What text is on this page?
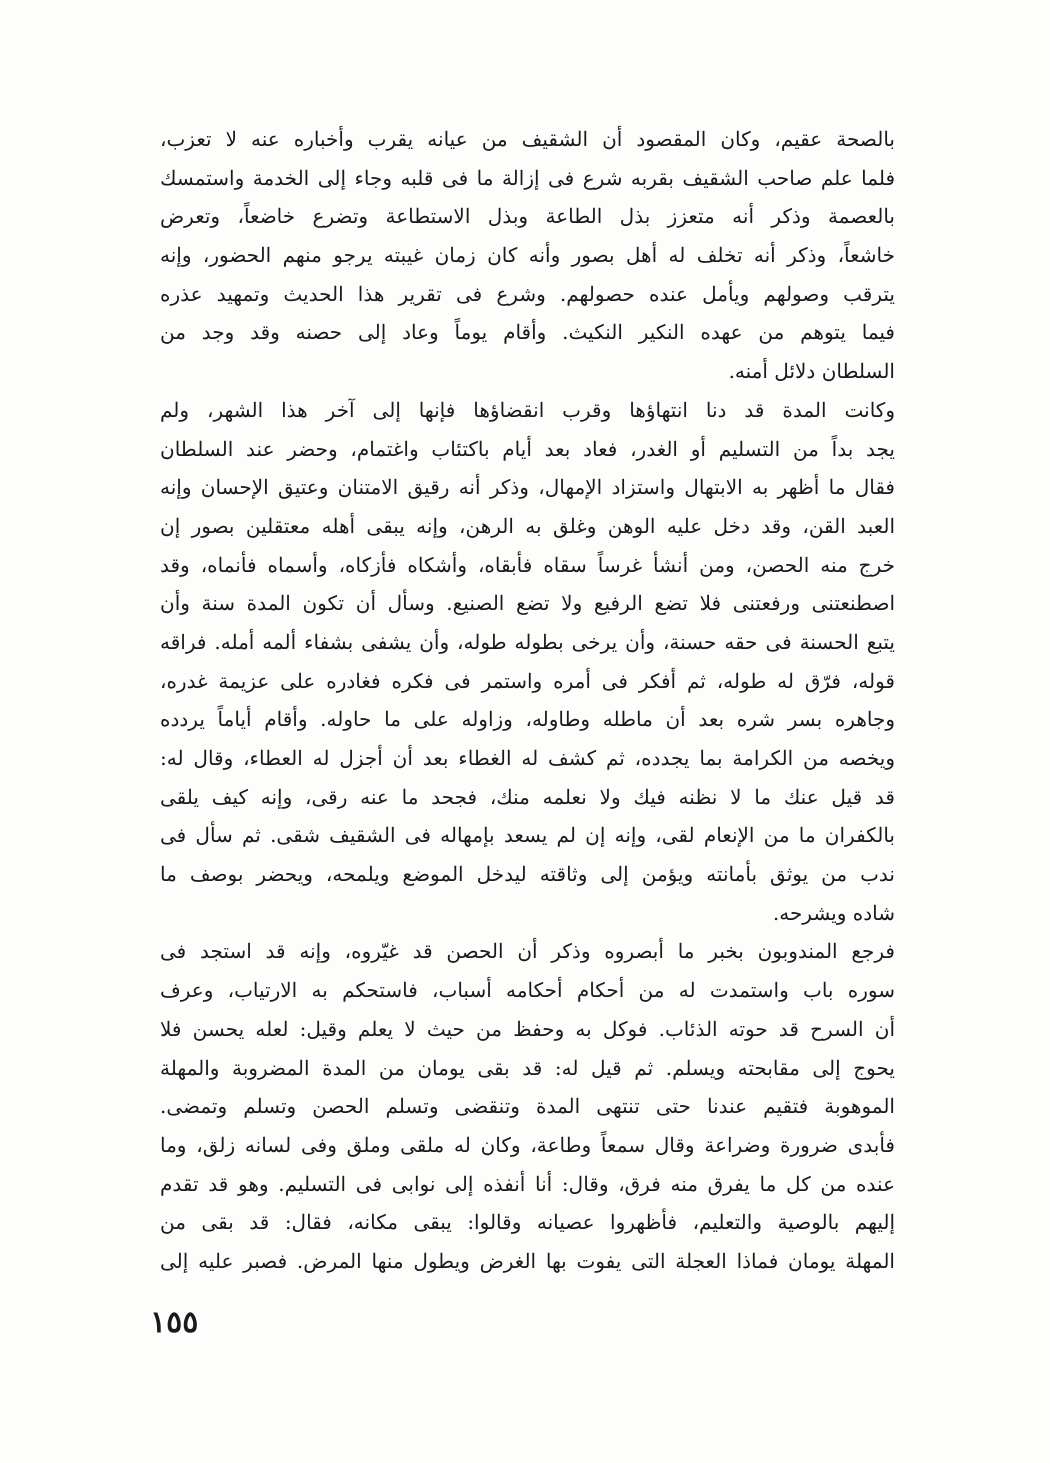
بالصحة عقيم، وكان المقصود أن الشقيف من عيانه يقرب وأخباره عنه لا تعزب،
فلما علم صاحب الشقيف بقربه شرع فى إزالة ما فى قلبه وجاء إلى الخدمة واستمسك
بالعصمة وذكر أنه متعزز بذل الطاعة وبذل الاستطاعة وتضرع خاضعاً، وتعرض
خاشعاً، وذكر أنه تخلف له أهل بصور وأنه كان زمان غيبته يرجو منهم الحضور، وإنه
يترقب وصولهم ويأمل عنده حصولهم. وشرع فى تقرير هذا الحديث وتمهيد عذره
فيما يتوهم من عهده النكير النكيث. وأقام يوماً وعاد إلى حصنه وقد وجد من
السلطان دلائل أمنه.
وكانت المدة قد دنا انتهاؤها وقرب انقضاؤها فإنها إلى آخر هذا الشهر، ولم
يجد بداً من التسليم أو الغدر، فعاد بعد أيام باكتئاب واغتمام، وحضر عند السلطان
فقال ما أظهر به الابتهال واستزاد الإمهال، وذكر أنه رقيق الامتنان وعتيق الإحسان وإنه
العبد القن، وقد دخل عليه الوهن وغلق به الرهن، وإنه يبقى أهله معتقلين بصور إن
خرج منه الحصن، ومن أنشأ غرساً سقاه فأبقاه، وأشكاه فأزكاه، وأسماه فأنماه، وقد
اصطنعتنى ورفعتنى فلا تضع الرفيع ولا تضع الصنيع. وسأل أن تكون المدة سنة وأن
يتبع الحسنة فى حقه حسنة، وأن يرخى بطوله طوله، وأن يشفى بشفاء ألمه أمله. فراقه
قوله، فرّق له طوله، ثم أفكر فى أمره واستمر فى فكره فغادره على عزيمة غدره،
وجاهره بسر شره بعد أن ماطله وطاوله، وزاوله على ما حاوله. وأقام أياماً يردده
ويخصه من الكرامة بما يجدده، ثم كشف له الغطاء بعد أن أجزل له العطاء، وقال له:
قد قيل عنك ما لا نظنه فيك ولا نعلمه منك، فجحد ما عنه رقى، وإنه كيف يلقى
بالكفران ما من الإنعام لقى، وإنه إن لم يسعد بإمهاله فى الشقيف شقى. ثم سأل فى
ندب من يوثق بأمانته ويؤمن إلى وثاقته ليدخل الموضع ويلمحه، ويحضر بوصف ما
شاده ويشرحه.
فرجع المندوبون بخبر ما أبصروه وذكر أن الحصن قد غيّروه، وإنه قد استجد فى
سوره باب واستمدت له من أحكام أحكامه أسباب، فاستحكم به الارتياب، وعرف
أن السرح قد حوته الذئاب. فوكل به وحفظ من حيث لا يعلم وقيل: لعله يحسن فلا
يحوج إلى مقابحته ويسلم. ثم قيل له: قد بقى يومان من المدة المضروبة والمهلة
الموهوبة فتقيم عندنا حتى تنتهى المدة وتنقضى وتسلم الحصن وتسلم وتمضى.
فأبدى ضرورة وضراعة وقال سمعاً وطاعة، وكان له ملقى وملق وفى لسانه زلق، وما
عنده من كل ما يفرق منه فرق، وقال: أنا أنفذه إلى نوابى فى التسليم. وهو قد تقدم
إليهم بالوصية والتعليم، فأظهروا عصيانه وقالوا: يبقى مكانه، فقال: قد بقى من
المهلة يومان فماذا العجلة التى يفوت بها الغرض ويطول منها المرض. فصبر عليه إلى
١٥٥
